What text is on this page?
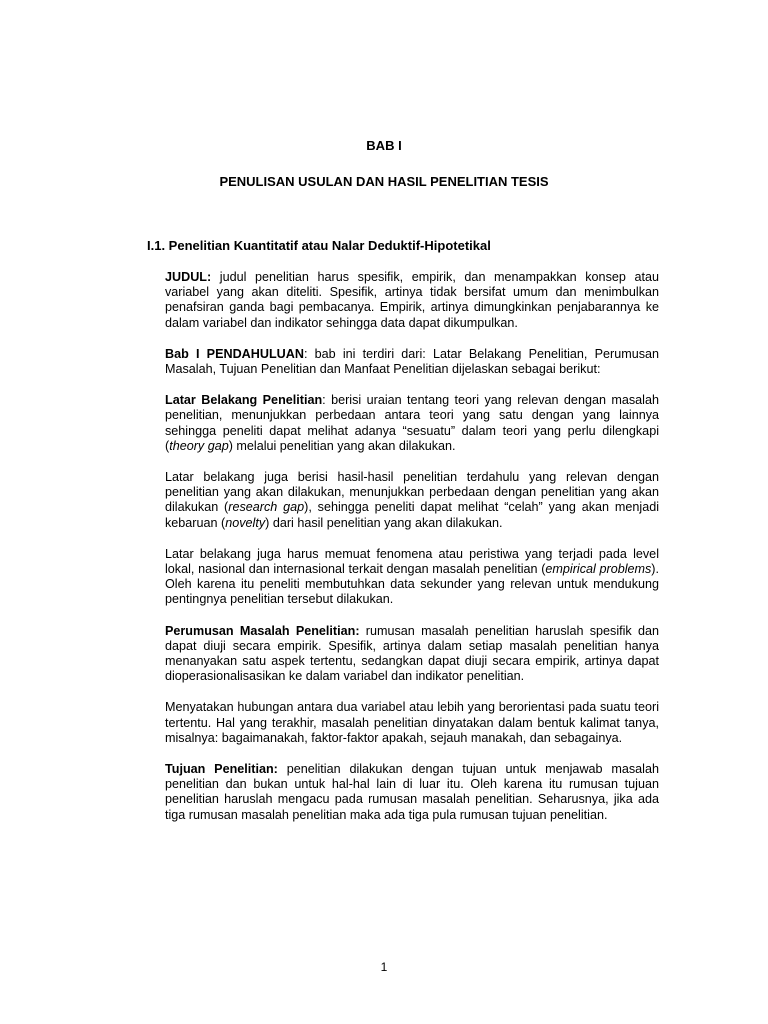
BAB I
PENULISAN USULAN DAN HASIL PENELITIAN TESIS
I.1. Penelitian Kuantitatif atau Nalar Deduktif-Hipotetikal

JUDUL: judul penelitian harus spesifik, empirik, dan menampakkan konsep atau variabel yang akan diteliti. Spesifik, artinya tidak bersifat umum dan menimbulkan penafsiran ganda bagi pembacanya. Empirik, artinya dimungkinkan penjabarannya ke dalam variabel dan indikator sehingga data dapat dikumpulkan.

Bab I PENDAHULUAN: bab ini terdiri dari: Latar Belakang Penelitian, Perumusan Masalah, Tujuan Penelitian dan Manfaat Penelitian dijelaskan sebagai berikut:

Latar Belakang Penelitian: berisi uraian tentang teori yang relevan dengan masalah penelitian, menunjukkan perbedaan antara teori yang satu dengan yang lainnya sehingga peneliti dapat melihat adanya “sesuatu” dalam teori yang perlu dilengkapi (theory gap) melalui penelitian yang akan dilakukan.

Latar belakang juga berisi hasil-hasil penelitian terdahulu yang relevan dengan penelitian yang akan dilakukan, menunjukkan perbedaan dengan penelitian yang akan dilakukan (research gap), sehingga peneliti dapat melihat “celah” yang akan menjadi kebaruan (novelty) dari hasil penelitian yang akan dilakukan.

Latar belakang juga harus memuat fenomena atau peristiwa yang terjadi pada level lokal, nasional dan internasional terkait dengan masalah penelitian (empirical problems). Oleh karena itu peneliti membutuhkan data sekunder yang relevan untuk mendukung pentingnya penelitian tersebut dilakukan.

Perumusan Masalah Penelitian: rumusan masalah penelitian haruslah spesifik dan dapat diuji secara empirik. Spesifik, artinya dalam setiap masalah penelitian hanya menanyakan satu aspek tertentu, sedangkan dapat diuji secara empirik, artinya dapat dioperasionalisasikan ke dalam variabel dan indikator penelitian.

Menyatakan hubungan antara dua variabel atau lebih yang berorientasi pada suatu teori tertentu. Hal yang terakhir, masalah penelitian dinyatakan dalam bentuk kalimat tanya, misalnya: bagaimanakah, faktor-faktor apakah, sejauh manakah, dan sebagainya.

Tujuan Penelitian: penelitian dilakukan dengan tujuan untuk menjawab masalah penelitian dan bukan untuk hal-hal lain di luar itu. Oleh karena itu rumusan tujuan penelitian haruslah mengacu pada rumusan masalah penelitian. Seharusnya, jika ada tiga rumusan masalah penelitian maka ada tiga pula rumusan tujuan penelitian.

1
